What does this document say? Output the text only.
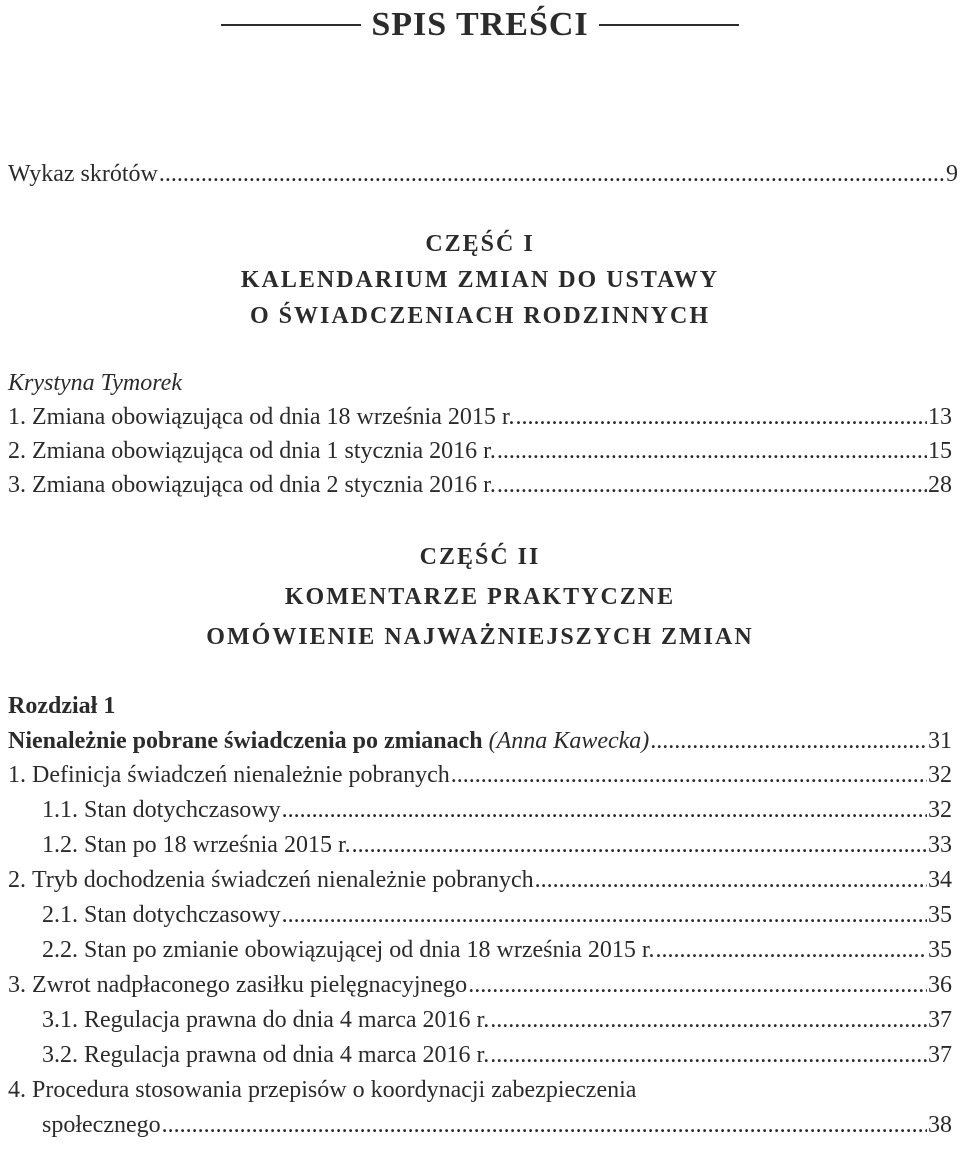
SPIS TREŚCI
Wykaz skrótów .....	9
CZĘŚĆ I
KALENDARIUM ZMIAN DO USTAWY
O ŚWIADCZENIACH RODZINNYCH
Krystyna Tymorek
1.
Zmiana obowiązująca od dnia 18 września 2015 r. .....	13
2.
Zmiana obowiązująca od dnia 1 stycznia 2016 r. .....	15
3.
Zmiana obowiązująca od dnia 2 stycznia 2016 r. .....	28
CZĘŚĆ II
KOMENTARZE PRAKTYCZNE
OMÓWIENIE NAJWAŻNIEJSZYCH ZMIAN
Rozdział 1
Nienależnie pobrane świadczenia po zmianach (Anna Kawecka) .....	31
1.
Definicja świadczeń nienależnie pobranych .....	32
1.1.
Stan dotychczasowy .....	32
1.2.
Stan po 18 września 2015 r. .....	33
2.
Tryb dochodzenia świadczeń nienależnie pobranych .....	34
2.1.
Stan dotychczasowy .....	35
2.2.
Stan po zmianie obowiązującej od dnia 18 września 2015 r. .....	35
3.
Zwrot nadpłaconego zasiłku pielęgnacyjnego .....	36
3.1.
Regulacja prawna do dnia 4 marca 2016 r. .....	37
3.2.
Regulacja prawna od dnia 4 marca 2016 r. .....	37
4.
Procedura stosowania przepisów o koordynacji zabezpieczenia
społecznego .....	38
